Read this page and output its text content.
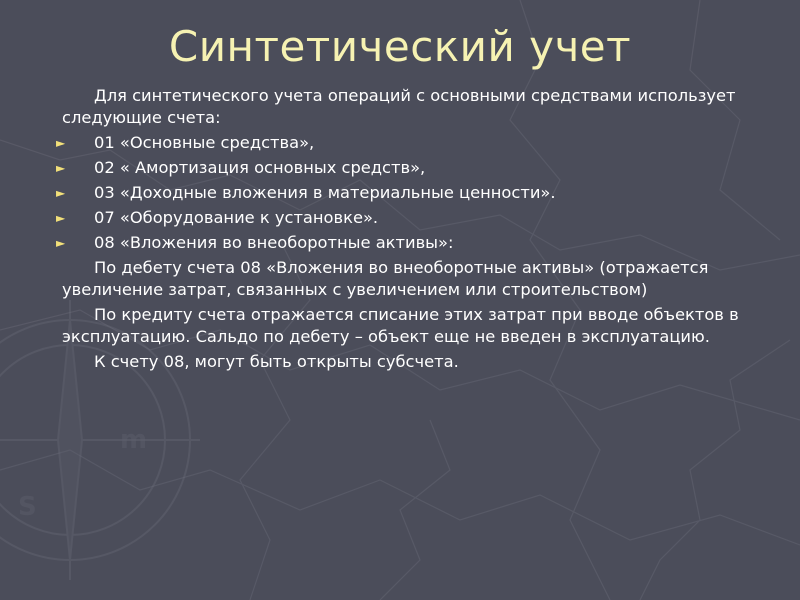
S
m
Синтетический учет

Для синтетического учета операций с основными средствами использует следующие счета:

► 01 «Основные средства»,
► 02 « Амортизация основных средств»,
► 03 «Доходные вложения в материальные ценности».
► 07 «Оборудование к установке».
► 08 «Вложения во внеоборотные активы»:

По дебету счета 08 «Вложения во внеоборотные активы» (отражается увеличение затрат, связанных с увеличением или строительством)

По кредиту счета отражается списание этих затрат при вводе объектов в эксплуатацию. Сальдо по дебету – объект еще не введен в эксплуатацию.

К счету 08, могут быть открыты субсчета.
